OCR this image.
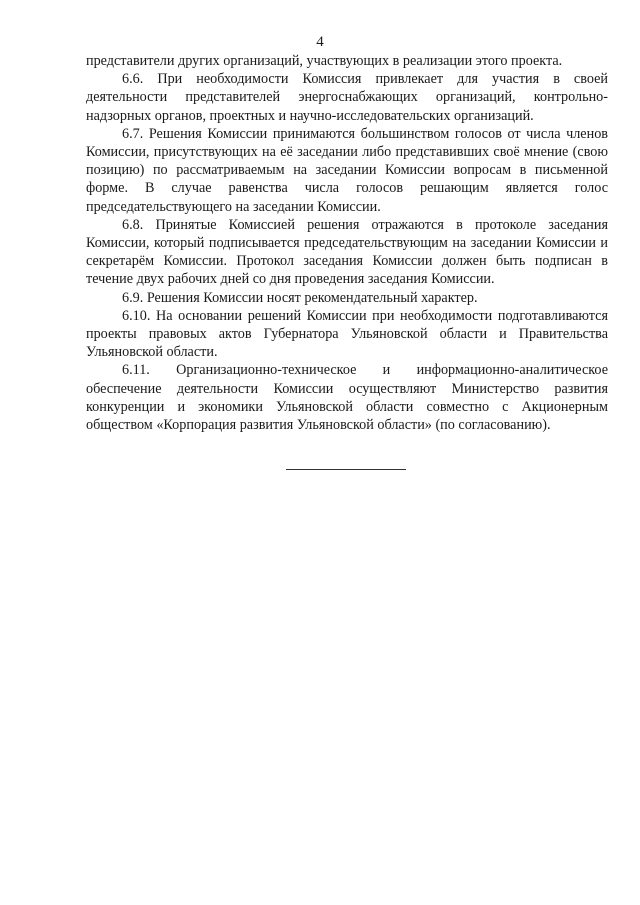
4

представители других организаций, участвующих в реализации этого проекта.

6.6. При необходимости Комиссия привлекает для участия в своей деятельности представителей энергоснабжающих организаций, контрольно-надзорных органов, проектных и научно-исследовательских организаций.

6.7. Решения Комиссии принимаются большинством голосов от числа членов Комиссии, присутствующих на её заседании либо представивших своё мнение (свою позицию) по рассматриваемым на заседании Комиссии вопросам в письменной форме. В случае равенства числа голосов решающим является голос председательствующего на заседании Комиссии.

6.8. Принятые Комиссией решения отражаются в протоколе заседания Комиссии, который подписывается председательствующим на заседании Комиссии и секретарём Комиссии. Протокол заседания Комиссии должен быть подписан в течение двух рабочих дней со дня проведения заседания Комиссии.

6.9. Решения Комиссии носят рекомендательный характер.

6.10. На основании решений Комиссии при необходимости подготавливаются проекты правовых актов Губернатора Ульяновской области и Правительства Ульяновской области.

6.11. Организационно-техническое и информационно-аналитическое обеспечение деятельности Комиссии осуществляют Министерство развития конкуренции и экономики Ульяновской области совместно с Акционерным обществом «Корпорация развития Ульяновской области» (по согласованию).
